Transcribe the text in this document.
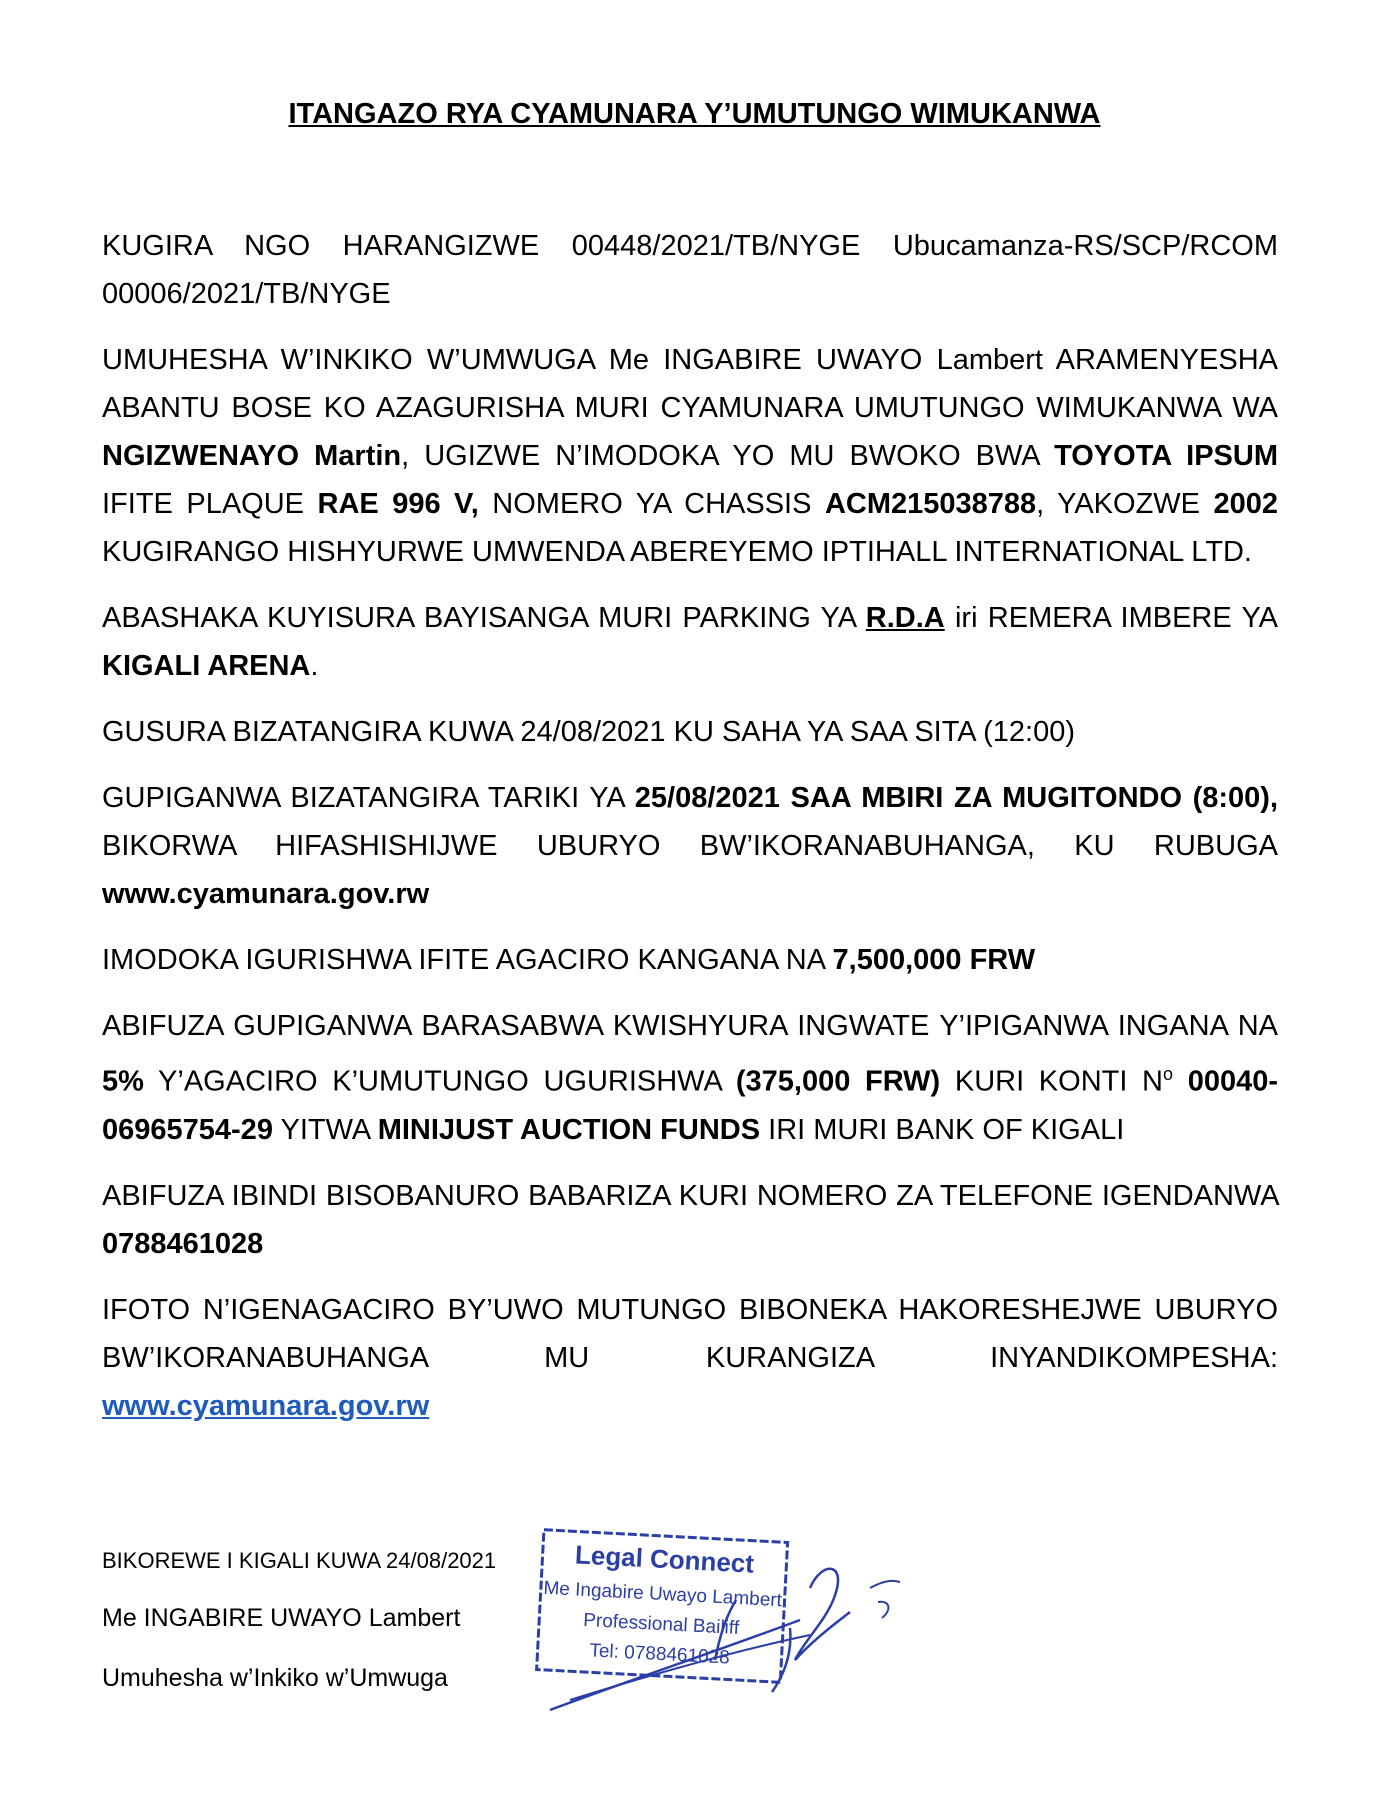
ITANGAZO RYA CYAMUNARA Y’UMUTUNGO WIMUKANWA

KUGIRA NGO HARANGIZWE 00448/2021/TB/NYGE Ubucamanza-RS/SCP/RCOM 00006/2021/TB/NYGE

UMUHESHA W’INKIKO W’UMWUGA Me INGABIRE UWAYO Lambert ARAMENYESHA ABANTU BOSE KO AZAGURISHA MURI CYAMUNARA UMUTUNGO WIMUKANWA WA NGIZWENAYO Martin, UGIZWE N’IMODOKA YO MU BWOKO BWA TOYOTA IPSUM IFITE PLAQUE RAE 996 V, NOMERO YA CHASSIS ACM215038788, YAKOZWE 2002 KUGIRANGO HISHYURWE UMWENDA ABEREYEMO IPTIHALL INTERNATIONAL LTD.

ABASHAKA KUYISURA BAYISANGA MURI PARKING YA R.D.A iri REMERA IMBERE YA KIGALI ARENA.

GUSURA BIZATANGIRA KUWA 24/08/2021 KU SAHA YA SAA SITA (12:00)

GUPIGANWA BIZATANGIRA TARIKI YA 25/08/2021 SAA MBIRI ZA MUGITONDO (8:00), BIKORWA HIFASHISHIJWE UBURYO BW’IKORANABUHANGA, KU RUBUGA www.cyamunara.gov.rw

IMODOKA IGURISHWA IFITE AGACIRO KANGANA NA 7,500,000 FRW

ABIFUZA GUPIGANWA BARASABWA KWISHYURA INGWATE Y’IPIGANWA INGANA NA 5% Y’AGACIRO K’UMUTUNGO UGURISHWA (375,000 FRW) KURI KONTI $N^o$ 00040-06965754-29 YITWA MINIJUST AUCTION FUNDS IRI MURI BANK OF KIGALI

ABIFUZA IBINDI BISOBANURO BABARIZA KURI NOMERO ZA TELEFONE IGENDANWA 0788461028

IFOTO N’IGENAGACIRO BY’UWO MUTUNGO BIBONEKA HAKORESHEJWE UBURYO BW’IKORANABUHANGA MU KURANGIZA INYANDIKOMPESHA: www.cyamunara.gov.rw

BIKOREWE I KIGALI KUWA 24/08/2021
Me INGABIRE UWAYO Lambert
Umuhesha w’Inkiko w’Umwuga
Legal Connect
Me Ingabire Uwayo Lambert
Professional Bailiff
Tel: 0788461028
